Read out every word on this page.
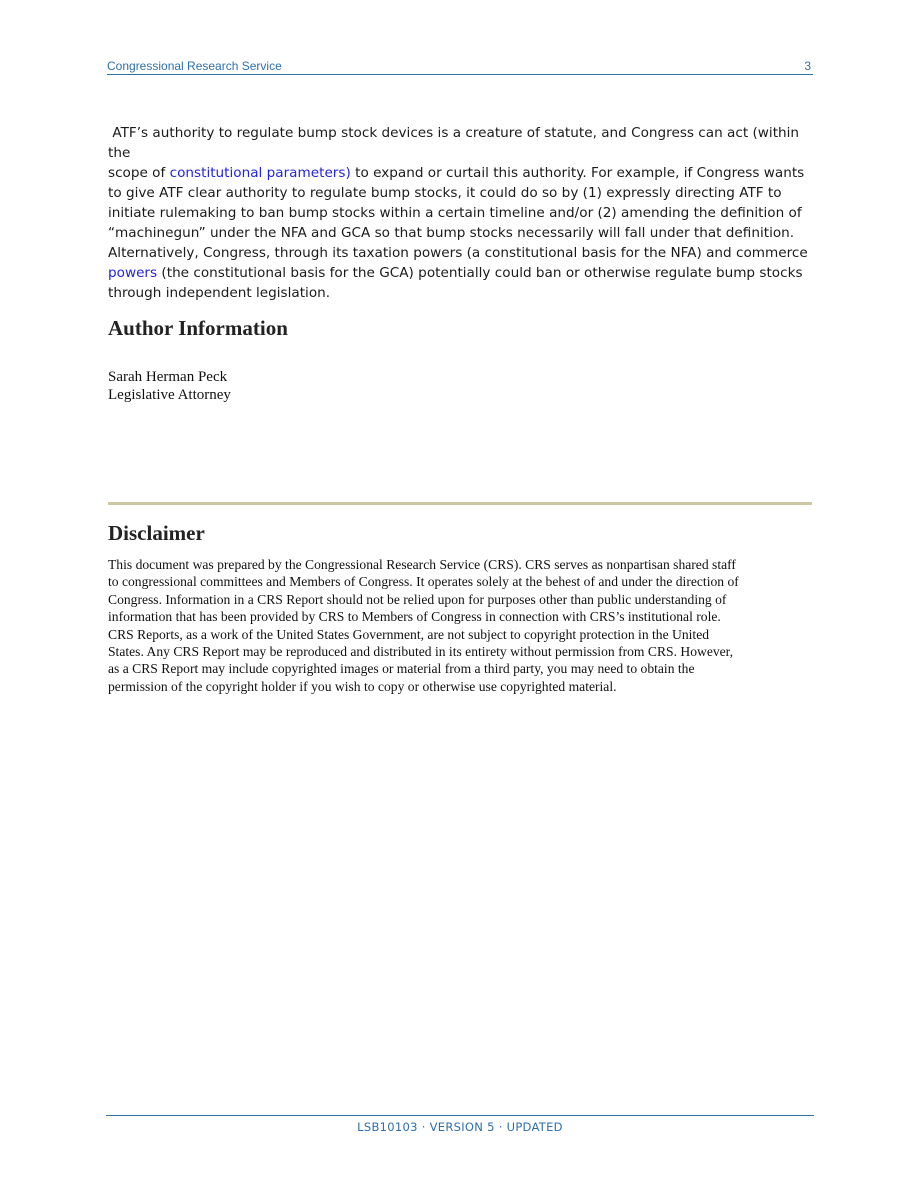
Congressional Research Service	3

ATF’s authority to regulate bump stock devices is a creature of statute, and Congress can act (within the
scope of constitutional parameters) to expand or curtail this authority. For example, if Congress wants
to give ATF clear authority to regulate bump stocks, it could do so by (1) expressly directing ATF to
initiate rulemaking to ban bump stocks within a certain timeline and/or (2) amending the definition of
“machinegun” under the NFA and GCA so that bump stocks necessarily will fall under that definition.
Alternatively, Congress, through its taxation powers (a constitutional basis for the NFA) and commerce
powers (the constitutional basis for the GCA) potentially could ban or otherwise regulate bump stocks
through independent legislation.

Author Information
Sarah Herman Peck
Legislative Attorney
Disclaimer

This document was prepared by the Congressional Research Service (CRS). CRS serves as nonpartisan shared staff
to congressional committees and Members of Congress. It operates solely at the behest of and under the direction of
Congress. Information in a CRS Report should not be relied upon for purposes other than public understanding of
information that has been provided by CRS to Members of Congress in connection with CRS’s institutional role.
CRS Reports, as a work of the United States Government, are not subject to copyright protection in the United
States. Any CRS Report may be reproduced and distributed in its entirety without permission from CRS. However,
as a CRS Report may include copyrighted images or material from a third party, you may need to obtain the
permission of the copyright holder if you wish to copy or otherwise use copyrighted material.

LSB10103 · VERSION 5 · UPDATED
